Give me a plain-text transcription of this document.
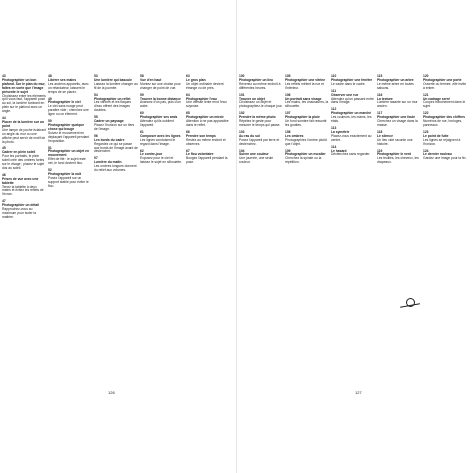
43
Photographier un bon plafond. Sur le plan du mur, faites en sorte que l'image présente le sujet
Choisissez entre les éléments qu'il vous faut, l'appareil posé au sol, la lumière tombant en plein sur le plafond avec un angle.
44
Placer de la lumière sur un point
Une lampe de poche éclairant un angle du mur ou une affiche peut servir de motif de la photo.
45
Cadrer en plein soleil
Pour les portraits, le plein soleil crée des ombres fortes sur le visage ; placez le sujet dos au soleil.
46
Prises de vue avec une tablette
Tenez la tablette à deux mains et évitez les reflets de l'écran.
47
Photographier un détail
Rapprochez-vous au maximum pour isoler la matière.
48
Libérer ses mains
Les anciens appareils, avec un retardateur, laissent le temps de se placer.
49
Photographier le ciel
Le ciel sans nuage peut paraître vide ; cherchez une ligne ou un élément.
50
Photographier quelque chose qui bouge
Suivez le mouvement en déplaçant l'appareil pendant l'exposition.
51
Photographier un objet en mouvement
Effet de filé : le sujet reste net, le fond devient flou.
52
Photographier la nuit
Posez l'appareil sur un support stable pour éviter le flou.
53
Une lumière qui bascule
Laissez la lumière changer au fil de la journée.
54
Photographier un reflet
Les vitrines et les flaques d'eau offrent des images doubles.
55
Cadrer un paysage
Placez l'horizon sur un tiers de l'image.
56
Les bords du cadre
Regardez ce qui se passe aux bords de l'image avant de déclencher.
57
Lumière du matin
Les ombres longues donnent du relief aux volumes.
58
Vue d'en haut
Montez sur une chaise pour changer de point de vue.
59
Trouver la bonne distance
Avancez d'un pas, puis d'un autre.
60
Photographier ses amis
Attendez qu'ils oublient l'appareil.
61
Composer avec les lignes
Les lignes conduisent le regard dans l'image.
62
Le contre-jour
Exposez pour le ciel et laissez le sujet en silhouette.
63
Le gros plan
Un objet ordinaire devient étrange vu de près.
64
Photographier l'eau
Une vitesse lente rend l'eau soyeuse.
65
Photographier un miroir
Attention à ne pas apparaître dans le reflet.
66
Prendre son temps
Restez au même endroit et observez.
67
Le flou volontaire
Bougez l'appareil pendant la pose.
100
Photographier un lieu
Revenez au même endroit à différentes heures.
101
Trouver un objet
Choisissez un objet et photographiez-le chaque jour.
102
Prendre la même photo
Répétez le geste pour mesurer le temps qui passe.
103
Au ras du sol
Posez l'appareil par terre et déclenchez.
104
Suivre une couleur
Une journée, une seule couleur.
105
Photographier une vitrine
Les reflets mêlent la rue et l'intérieur.
106
Un portrait sans visage
Les mains, les chaussures, la silhouette.
107
Photographier la pluie
Un fond sombre fait ressortir les gouttes.
108
Les ombres
Photographiez l'ombre plutôt que l'objet.
109
Photographier un escalier
Cherchez la spirale ou la répétition.
110
Photographier une fenêtre
Le cadre dans le cadre.
111
Observer une rue
Attendez qu'un passant entre dans l'image.
112
Photographier un marché
Les couleurs, les mains, les étals.
113
La symétrie
Placez-vous exactement au centre.
114
Le hasard
Déclenchez sans regarder.
115
Photographier un arbre
Le même arbre en toutes saisons.
116
La texture
Lumière rasante sur un mur ancien.
117
Photographier une foule
Cherchez un visage dans la masse.
118
Le silence
Un lieu vide raconte une histoire.
119
Photographier le vent
Les feuilles, les cheveux, les drapeaux.
120
Photographier une porte
Ouverte ou fermée, elle invite à entrer.
121
Un cadrage serré
Coupez franchement dans le sujet.
122
Photographier des chiffres
Numéros de rue, horloges, panneaux.
123
Le point de fuite
Les lignes se rejoignent à l'horizon.
124
Le dernier rouleau
Gardez une image pour la fin.
126	127
